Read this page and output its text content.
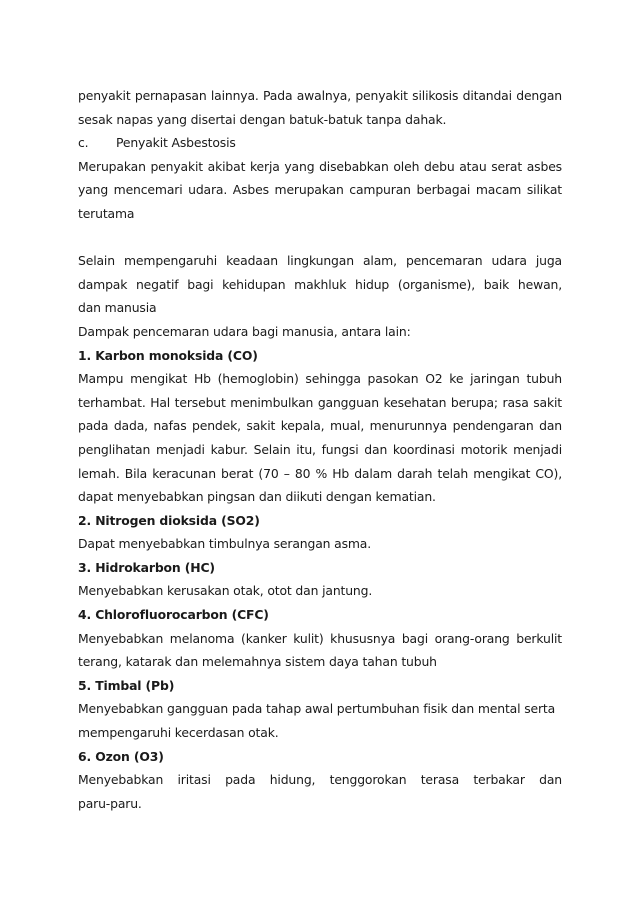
penyakit pernapasan lainnya. Pada awalnya, penyakit silikosis ditandai dengan
sesak napas yang disertai dengan batuk-batuk tanpa dahak.
c.	Penyakit Asbestosis
Merupakan penyakit akibat kerja yang disebabkan oleh debu atau serat asbes
yang mencemari udara. Asbes merupakan campuran berbagai macam silikat
terutama
Selain mempengaruhi keadaan lingkungan alam, pencemaran udara juga
dampak negatif bagi kehidupan makhluk hidup (organisme), baik hewan,
dan manusia
Dampak pencemaran udara bagi manusia, antara lain:
1. Karbon monoksida (CO)
Mampu mengikat Hb (hemoglobin) sehingga pasokan O2 ke jaringan tubuh
terhambat. Hal tersebut menimbulkan gangguan kesehatan berupa; rasa sakit
pada dada, nafas pendek, sakit kepala, mual, menurunnya pendengaran dan
penglihatan menjadi kabur. Selain itu, fungsi dan koordinasi motorik menjadi
lemah. Bila keracunan berat (70 – 80 % Hb dalam darah telah mengikat CO),
dapat menyebabkan pingsan dan diikuti dengan kematian.
2. Nitrogen dioksida (SO2)
Dapat menyebabkan timbulnya serangan asma.
3. Hidrokarbon (HC)
Menyebabkan kerusakan otak, otot dan jantung.
4. Chlorofluorocarbon (CFC)
Menyebabkan melanoma (kanker kulit) khususnya bagi orang-orang berkulit
terang, katarak dan melemahnya sistem daya tahan tubuh
5. Timbal (Pb)
Menyebabkan gangguan pada tahap awal pertumbuhan fisik dan mental serta
mempengaruhi kecerdasan otak.
6. Ozon (O3)
Menyebabkan iritasi pada hidung, tenggorokan terasa terbakar dan
paru-paru.
